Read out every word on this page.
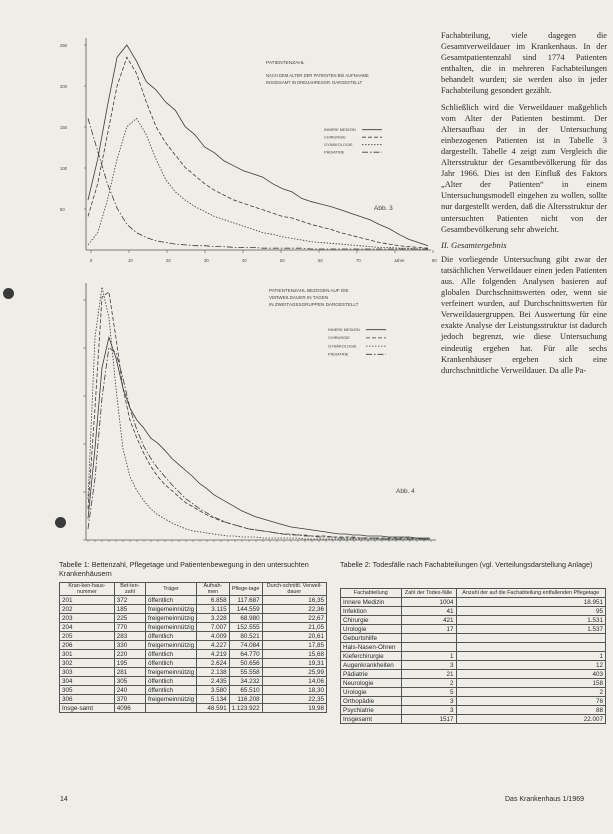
250
200
150
100
50
0	10	20	30	40	50	60	70	Jahre	80
PATIENTENZAHL
NACH DEM ALTER DER PATIENTEN BEI AUFNAHME
INSGESAMT IN DREIJAHRESGR. DARGESTELLT
INNERE MEDIZIN
CHIRURGIE
GYNÄKOLOGIE
PÄDIATRIE
Abb. 3
PATIENTENZAHL BEZOGEN AUF DIE
VERWEILDAUER IN TAGEN
IN ZWEITAGESGRUPPEN DARGESTELLT
INNERE MEDIZIN
CHIRURGIE
GYNÄKOLOGIE
PÄDIATRIE
Abb. 4

Fachabteilung, viele dagegen die Gesamtverweildauer im Krankenhaus. In der Gesamtpatientenzahl sind 1774 Patienten enthalten, die in mehreren Fachabteilungen behandelt wurden; sie werden also in jeder Fachabteilung gesondert gezählt.

Schließlich wird die Verweildauer maßgeblich vom Alter der Patienten bestimmt. Der Altersaufbau der in der Untersuchung einbezogenen Patienten ist in Tabelle 3 dargestellt. Tabelle 4 zeigt zum Vergleich die Altersstruktur der Gesamtbevölkerung für das Jahr 1966. Dies ist den Einfluß des Faktors „Alter der Patienten“ in einem Untersuchungsmodell eingehen zu wollen, sollte nur dargestellt werden, daß die Altersstruktur der untersuchten Patienten nicht von der Gesamtbevölkerung sehr abweicht.

II. Gesamtergebnis

Die vorliegende Untersuchung gibt zwar der tatsächlichen Verweildauer einen jeden Patienten aus. Alle folgenden Analysen basieren auf globalen Durchschnittswerten oder, wenn sie verfeinert wurden, auf Durchschnittswerten für Verweildauergruppen. Bei Auswertung für eine exakte Analyse der Leistungsstruktur ist dadurch jedoch begrenzt, wie diese Untersuchung eindeutig ergeben hat. Für alle sechs Krankenhäuser ergeben sich eine durchschnittliche Verweildauer. Da alle Pa-

Tabelle 1: Bettenzahl, Pflegetage und Patientenbewegung in den untersuchten Krankenhäusern
Kran-ken-haus-nummer	Bet-ten-zahl	Träger	Aufnah-men	Pflege-tage	Durch-schnittl. Verweil-dauer
201	372	öffentlich	6.858	117.687	16,35
202	185	freigemeinnützig	3.115	144.559	22,36
203	225	freigemeinnützig	3.228	68.980	22,67
204	770	freigemeinnützig	7.007	152.555	21,05
205	283	öffentlich	4.009	80.521	20,61
206	330	freigemeinnützig	4.227	74.084	17,85
301	220	öffentlich	4.219	64.770	15,68
302	195	öffentlich	2.624	50.656	19,31
303	281	freigemeinnützig	2.138	55.558	25,99
304	305	öffentlich	2.435	34.232	14,06
305	240	öffentlich	3.580	65.510	18,30
306	370	freigemeinnützig	5.134	116.208	22,35
Insge-samt	4096		48.591	1.123.922	19,98
Tabelle 2: Todesfälle nach Fachabteilungen (vgl. Verteilungsdarstellung Anlage)
Fachabteilung	Zahl der Todes-fälle	Anzahl der auf die Fachabteilung entfallenden Pflegetage
Innere Medizin	1004	18.951
Infektion	41	95
Chirurgie	421	1.531
Urologie	17	1.537
Geburtshilfe		
Hals-Nasen-Ohren		
Kieferchirurgie	1	1
Augenkrankheiten	3	12
Pädiatrie	21	403
Neurologie	2	158
Urologie	5	2
Orthopädie	3	76
Psychiatrie	3	88
Insgesamt	1517	22.007
14	Das Krankenhaus 1/1969
